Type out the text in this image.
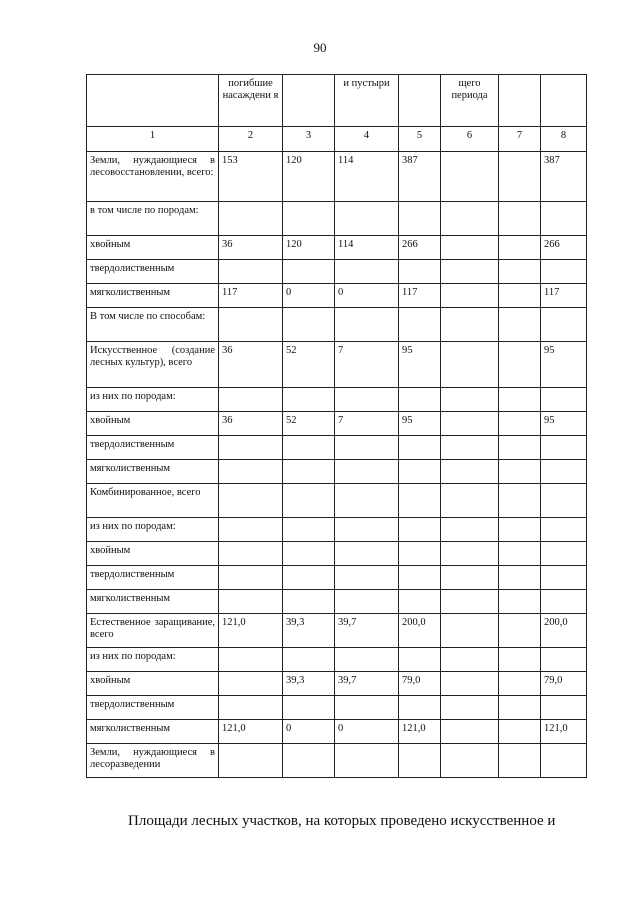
90
	погибшие насаждени я		и пустыри		щего периода		
1	2	3	4	5	6	7	8
Земли, нуждающиеся в лесовосстановлении, всего:	153	120	114	387			387
в том числе по породам:							
хвойным	36	120	114	266			266
твердолиственным							
мягколиственным	117	0	0	117			117
В том числе по способам:							
Искусственное (создание лесных культур), всего	36	52	7	95			95
из них по породам:							
хвойным	36	52	7	95			95
твердолиственным							
мягколиственным							
Комбинированное, всего							
из них по породам:							
хвойным							
твердолиственным							
мягколиственным							
Естественное заращивание, всего	121,0	39,3	39,7	200,0			200,0
из них по породам:							
хвойным		39,3	39,7	79,0			79,0
твердолиственным							
мягколиственным	121,0	0	0	121,0			121,0
Земли, нуждающиеся в лесоразведении							
Площади лесных участков, на которых проведено искусственное и
